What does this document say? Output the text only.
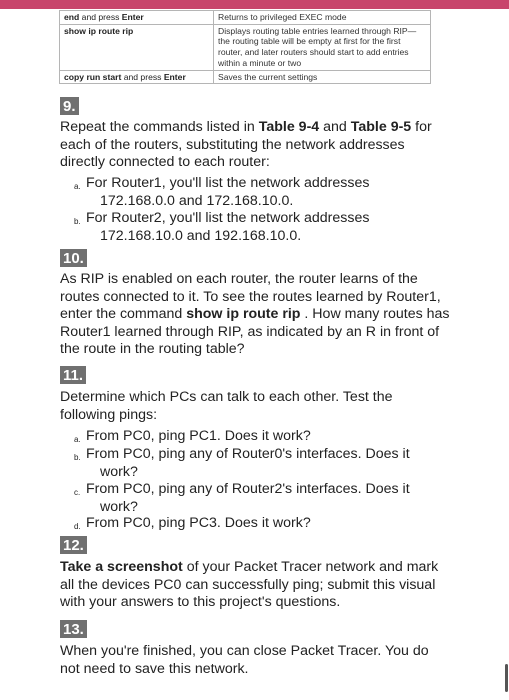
end and press Enter	Returns to privileged EXEC mode
show ip route rip	Displays routing table entries learned through RIP—the routing table will be empty at first for the first router, and later routers should start to add entries within a minute or two
copy run start and press Enter	Saves the current settings
9.
Repeat the commands listed in Table 9-4 and Table 9-5 for each of the routers, substituting the network addresses directly connected to each router:
a. For Router1, you'll list the network addresses
172.168.0.0 and 172.168.10.0.
b. For Router2, you'll list the network addresses
172.168.10.0 and 192.168.10.0.
10.
As RIP is enabled on each router, the router learns of the routes connected to it. To see the routes learned by Router1, enter the command show ip route rip . How many routes has Router1 learned through RIP, as indicated by an R in front of the route in the routing table?
11.
Determine which PCs can talk to each other. Test the following pings:
a. From PC0, ping PC1. Does it work?
b. From PC0, ping any of Router0's interfaces. Does it
work?
c. From PC0, ping any of Router2's interfaces. Does it
work?
d. From PC0, ping PC3. Does it work?
12.
Take a screenshot of your Packet Tracer network and mark all the devices PC0 can successfully ping; submit this visual with your answers to this project's questions.
13.
When you're finished, you can close Packet Tracer. You do not need to save this network.
